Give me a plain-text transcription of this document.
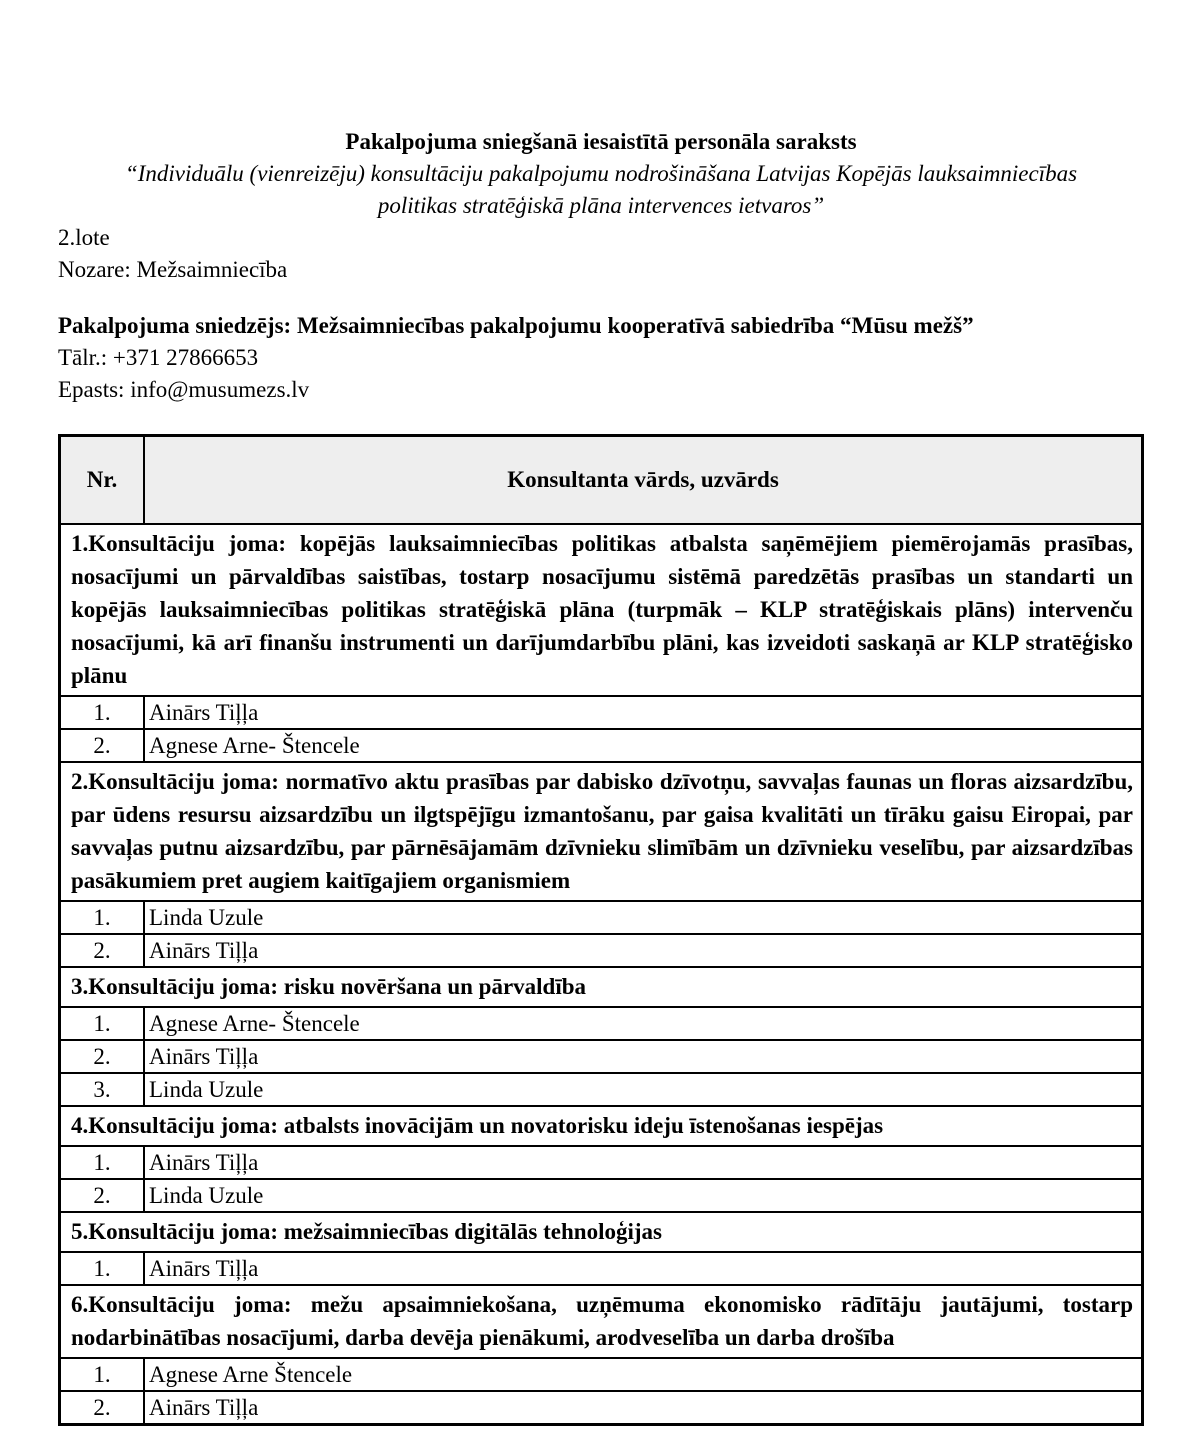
Pakalpojuma sniegšanā iesaistītā personāla saraksts
“Individuālu (vienreizēju) konsultāciju pakalpojumu nodrošināšana Latvijas Kopējās lauksaimniecības politikas stratēģiskā plāna intervences ietvaros”
2.lote
Nozare: Mežsaimniecība
Pakalpojuma sniedzējs: Mežsaimniecības pakalpojumu kooperatīvā sabiedrība “Mūsu mežš”
Tālr.: +371 27866653
Epasts: info@musumezs.lv
Nr.	Konsultanta vārds, uzvārds
1.Konsultāciju joma: kopējās lauksaimniecības politikas atbalsta saņēmējiem piemērojamās prasības, nosacījumi un pārvaldības saistības, tostarp nosacījumu sistēmā paredzētās prasības un standarti un kopējās lauksaimniecības politikas stratēģiskā plāna (turpmāk – KLP stratēģiskais plāns) intervenču nosacījumi, kā arī finanšu instrumenti un darījumdarbību plāni, kas izveidoti saskaņā ar KLP stratēģisko plānu	
1.	Ainārs Tiļļa
2.	Agnese Arne- Štencele
2.Konsultāciju joma: normatīvo aktu prasības par dabisko dzīvotņu, savvaļas faunas un floras aizsardzību, par ūdens resursu aizsardzību un ilgtspējīgu izmantošanu, par gaisa kvalitāti un tīrāku gaisu Eiropai, par savvaļas putnu aizsardzību, par pārnēsājamām dzīvnieku slimībām un dzīvnieku veselību, par aizsardzības pasākumiem pret augiem kaitīgajiem organismiem	
1.	Linda Uzule
2.	Ainārs Tiļļa
3.Konsultāciju joma: risku novēršana un pārvaldība	
1.	Agnese Arne- Štencele
2.	Ainārs Tiļļa
3.	Linda Uzule
4.Konsultāciju joma: atbalsts inovācijām un novatorisku ideju īstenošanas iespējas	
1.	Ainārs Tiļļa
2.	Linda Uzule
5.Konsultāciju joma: mežsaimniecības digitālās tehnoloģijas	
1.	Ainārs Tiļļa
6.Konsultāciju joma: mežu apsaimniekošana, uzņēmuma ekonomisko rādītāju jautājumi, tostarp nodarbinātības nosacījumi, darba devēja pienākumi, arodveselība un darba drošība	
1.	Agnese Arne Štencele
2.	Ainārs Tiļļa
